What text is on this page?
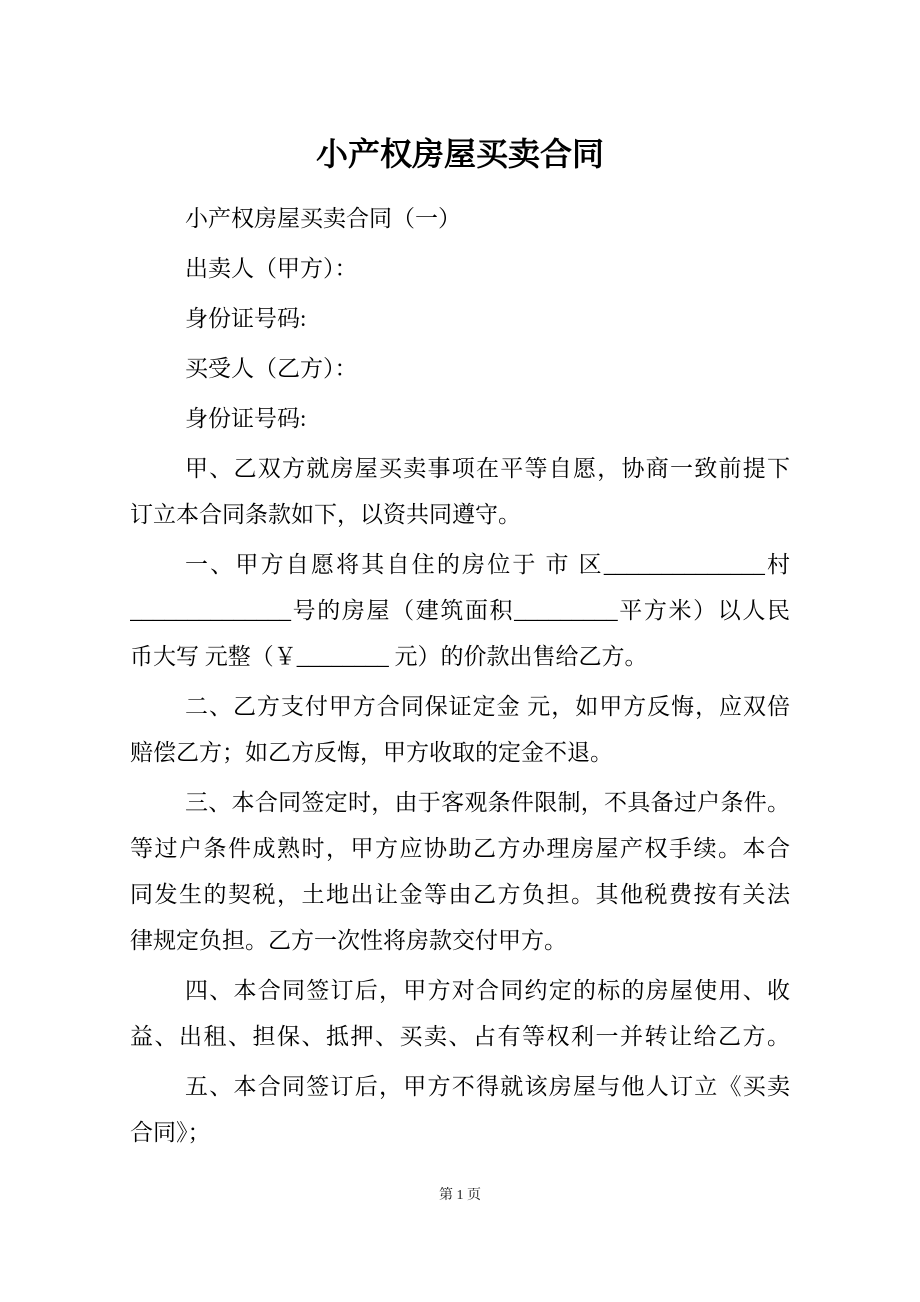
小产权房屋买卖合同
小产权房屋买卖合同（一）
出卖人（甲方）：
身份证号码:
买受人（乙方）：
身份证号码:
甲、乙双方就房屋买卖事项在平等自愿，协商一致前提下
订立本合同条款如下，以资共同遵守。
一、甲方自愿将其自住的房位于 市 区______________村
______________号的房屋（建筑面积_________平方米）以人民
币大写 元整（￥________ 元）的价款出售给乙方。
二、乙方支付甲方合同保证定金 元，如甲方反悔，应双倍
赔偿乙方；如乙方反悔，甲方收取的定金不退。
三、本合同签定时，由于客观条件限制，不具备过户条件。
等过户条件成熟时，甲方应协助乙方办理房屋产权手续。本合
同发生的契税，土地出让金等由乙方负担。其他税费按有关法
律规定负担。乙方一次性将房款交付甲方。
四、本合同签订后，甲方对合同约定的标的房屋使用、收
益、出租、担保、抵押、买卖、占有等权利一并转让给乙方。
五、本合同签订后，甲方不得就该房屋与他人订立《买卖
合同》；
第 1 页
